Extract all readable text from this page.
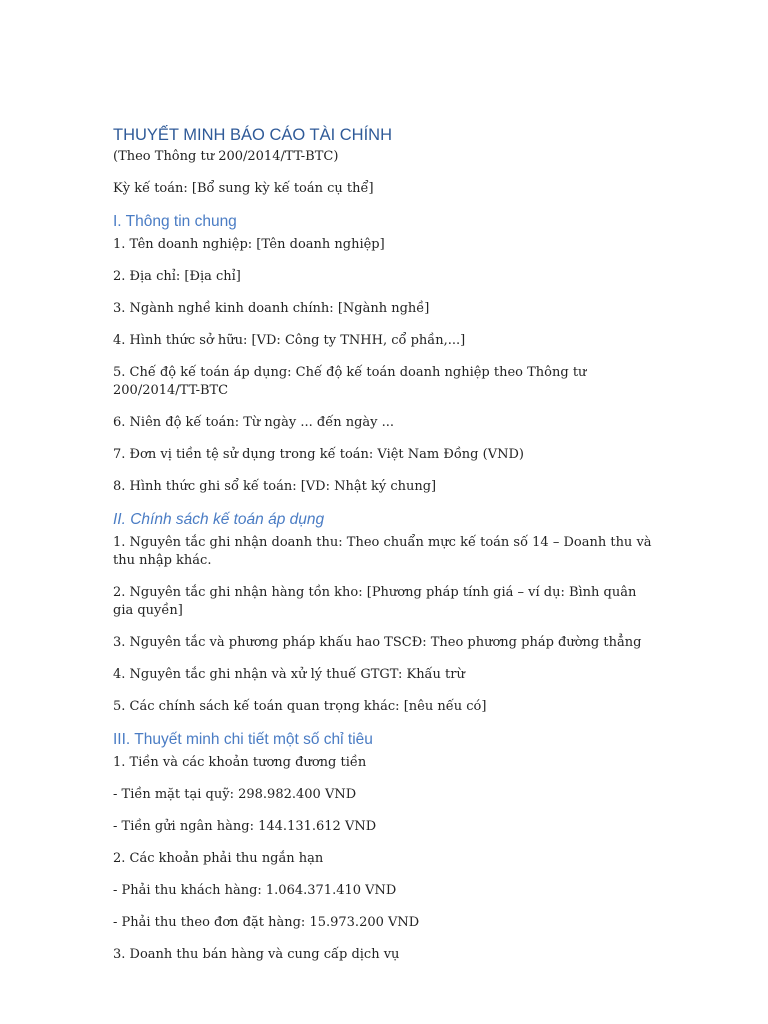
THUYẾT MINH BÁO CÁO TÀI CHÍNH

(Theo Thông tư 200/2014/TT-BTC)

Kỳ kế toán: [Bổ sung kỳ kế toán cụ thể]

I. Thông tin chung

1. Tên doanh nghiệp: [Tên doanh nghiệp]

2. Địa chỉ: [Địa chỉ]

3. Ngành nghề kinh doanh chính: [Ngành nghề]

4. Hình thức sở hữu: [VD: Công ty TNHH, cổ phần,...]

5. Chế độ kế toán áp dụng: Chế độ kế toán doanh nghiệp theo Thông tư 200/2014/TT-BTC

6. Niên độ kế toán: Từ ngày ... đến ngày ...

7. Đơn vị tiền tệ sử dụng trong kế toán: Việt Nam Đồng (VND)

8. Hình thức ghi sổ kế toán: [VD: Nhật ký chung]

II. Chính sách kế toán áp dụng

1. Nguyên tắc ghi nhận doanh thu: Theo chuẩn mực kế toán số 14 – Doanh thu và thu nhập khác.

2. Nguyên tắc ghi nhận hàng tồn kho: [Phương pháp tính giá – ví dụ: Bình quân gia quyền]

3. Nguyên tắc và phương pháp khấu hao TSCĐ: Theo phương pháp đường thẳng

4. Nguyên tắc ghi nhận và xử lý thuế GTGT: Khấu trừ

5. Các chính sách kế toán quan trọng khác: [nêu nếu có]

III. Thuyết minh chi tiết một số chỉ tiêu

1. Tiền và các khoản tương đương tiền

- Tiền mặt tại quỹ: 298.982.400 VND

- Tiền gửi ngân hàng: 144.131.612 VND

2. Các khoản phải thu ngắn hạn

- Phải thu khách hàng: 1.064.371.410 VND

- Phải thu theo đơn đặt hàng: 15.973.200 VND

3. Doanh thu bán hàng và cung cấp dịch vụ
